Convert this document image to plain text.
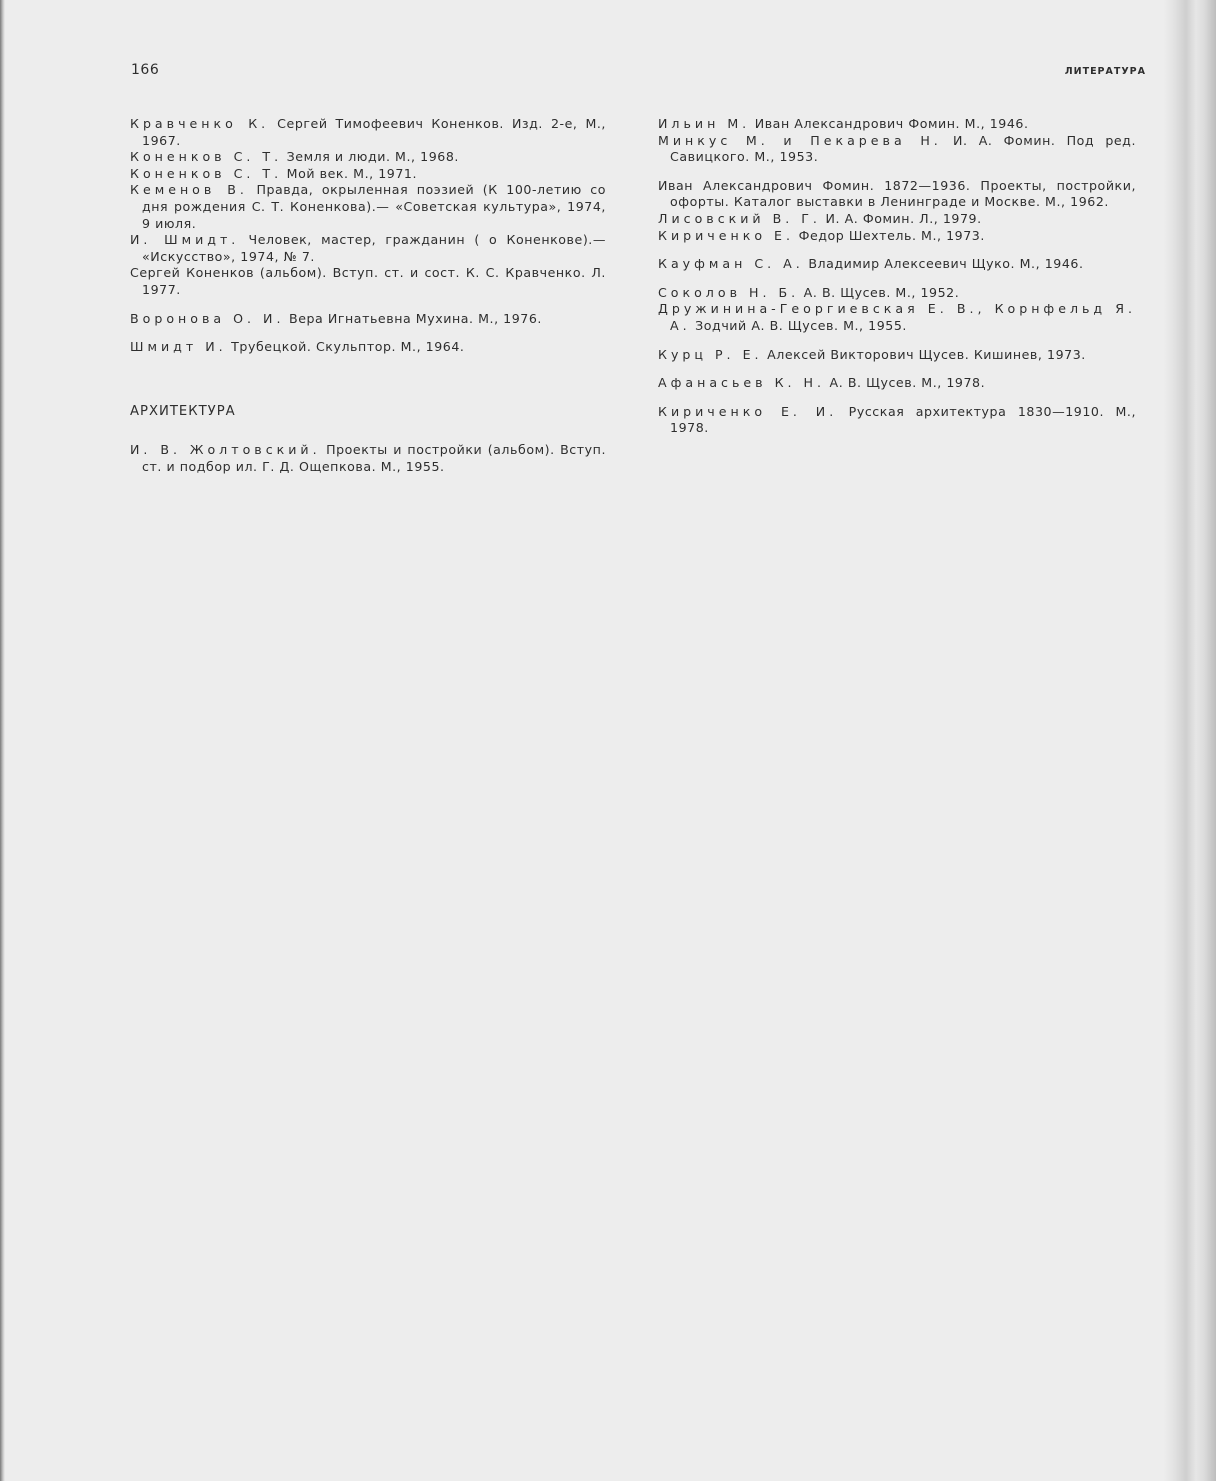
166	ЛИТЕРАТУРА

Кравченко К. Сергей Тимофеевич Коненков. Изд. 2-е, М., 1967.

Коненков С. Т. Земля и люди. М., 1968.

Коненков С. Т. Мой век. М., 1971.

Кеменов В. Правда, окрыленная поэзией (К 100-летию со дня рождения С. Т. Коненкова).— «Советская культура», 1974, 9 июля.

И. Шмидт. Человек, мастер, гражданин ( о Коненкове).— «Искусство», 1974, № 7.

Сергей Коненков (альбом). Вступ. ст. и сост. К. С. Кравченко. Л. 1977.

Воронова О. И. Вера Игнатьевна Мухина. М., 1976.

Шмидт И. Трубецкой. Скульптор. М., 1964.

АРХИТЕКТУРА

И. В. Жолтовский. Проекты и постройки (альбом). Вступ. ст. и подбор ил. Г. Д. Ощепкова. М., 1955.

Ильин М. Иван Александрович Фомин. М., 1946.

Минкус М. и Пекарева Н. И. А. Фомин. Под ред. Савицкого. М., 1953.

Иван Александрович Фомин. 1872—1936. Проекты, постройки, офорты. Каталог выставки в Ленинграде и Москве. М., 1962.

Лисовский В. Г. И. А. Фомин. Л., 1979.

Кириченко Е. Федор Шехтель. М., 1973.

Кауфман С. А. Владимир Алексеевич Щуко. М., 1946.

Соколов Н. Б. А. В. Щусев. М., 1952.

Дружинина-Георгиевская Е. В., Корнфельд Я. А. Зодчий А. В. Щусев. М., 1955.

Курц Р. Е. Алексей Викторович Щусев. Кишинев, 1973.

Афанасьев К. Н. А. В. Щусев. М., 1978.

Кириченко Е. И. Русская архитектура 1830—1910. М., 1978.
